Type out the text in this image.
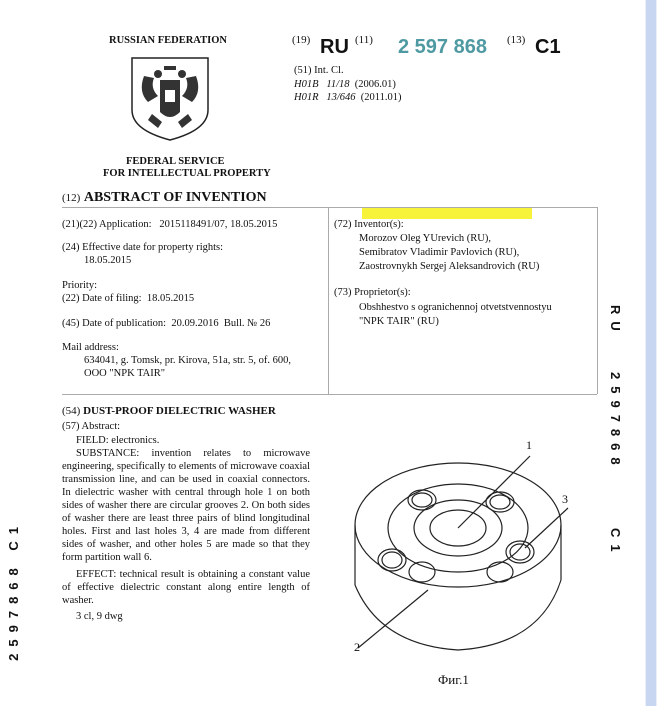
RUSSIAN FEDERATION
FEDERAL SERVICE
FOR INTELLECTUAL PROPERTY
(19) RU (11) 2 597 868 (13) C1
(51) Int. Cl.
H01B 11/18 (2006.01)
H01R 13/646 (2011.01)
(12) ABSTRACT OF INVENTION
(21)(22) Application: 2015118491/07, 18.05.2015
(24) Effective date for property rights:
18.05.2015
Priority:
(22) Date of filing: 18.05.2015
(45) Date of publication: 20.09.2016 Bull. № 26
Mail address:
634041, g. Tomsk, pr. Kirova, 51a, str. 5, of. 600,
OOO "NPK TAIR"
(72) Inventor(s):
Morozov Oleg YUrevich (RU),
Semibratov Vladimir Pavlovich (RU),
Zaostrovnykh Sergej Aleksandrovich (RU)
(73) Proprietor(s):
Obshhestvo s ogranichennoj otvetstvennostyu
"NPK TAIR" (RU)
(54) DUST-PROOF DIELECTRIC WASHER
(57) Abstract:
FIELD: electronics.
SUBSTANCE: invention relates to microwave engineering, specifically to elements of microwave coaxial transmission line, and can be used in coaxial connectors. In dielectric washer with central through hole 1 on both sides of washer there are circular grooves 2. On both sides of washer there are least three pairs of blind longitudinal holes. First and last holes 3, 4 are made from different sides of washer, and other holes 5 are made so that they form partition wall 6.
EFFECT: technical result is obtaining a constant value of effective dielectric constant along entire length of washer.
3 cl, 9 dwg
1
3
2
Фиг.1
RU
2597868
C1
2597868 C1
